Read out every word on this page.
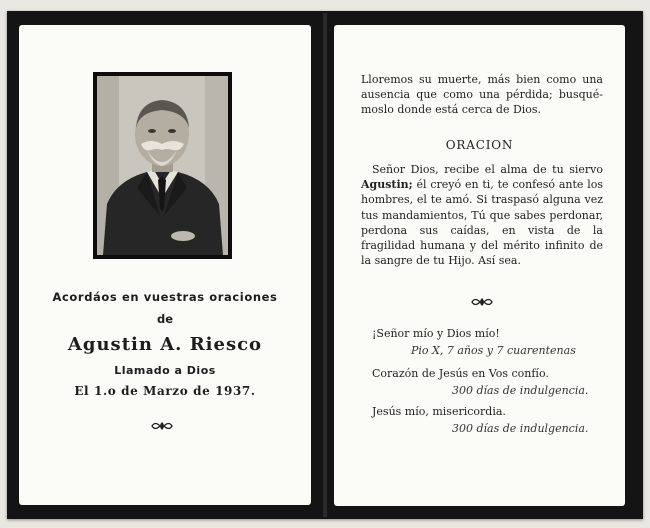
Acordáos en vuestras oraciones
de
Agustin A. Riesco
Llamado a Dios
El 1.o de Marzo de 1937.
Lloremos su muerte, más bien como una ausencia que como una pérdida; busqué-moslo donde está cerca de Dios.
ORACION
Señor Dios, recibe el alma de tu siervo Agustin; él creyó en ti, te confesó ante los hombres, el te amó. Si traspasó alguna vez tus mandamientos, Tú que sabes perdonar, perdona sus caídas, en vista de la fragilidad humana y del mérito infinito de la sangre de tu Hijo. Así sea.
¡Señor mío y Dios mío!
Pio X, 7 años y 7 cuarentenas
Corazón de Jesús en Vos confío.
300 días de indulgencia.
Jesús mío, misericordia.
300 días de indulgencia.
